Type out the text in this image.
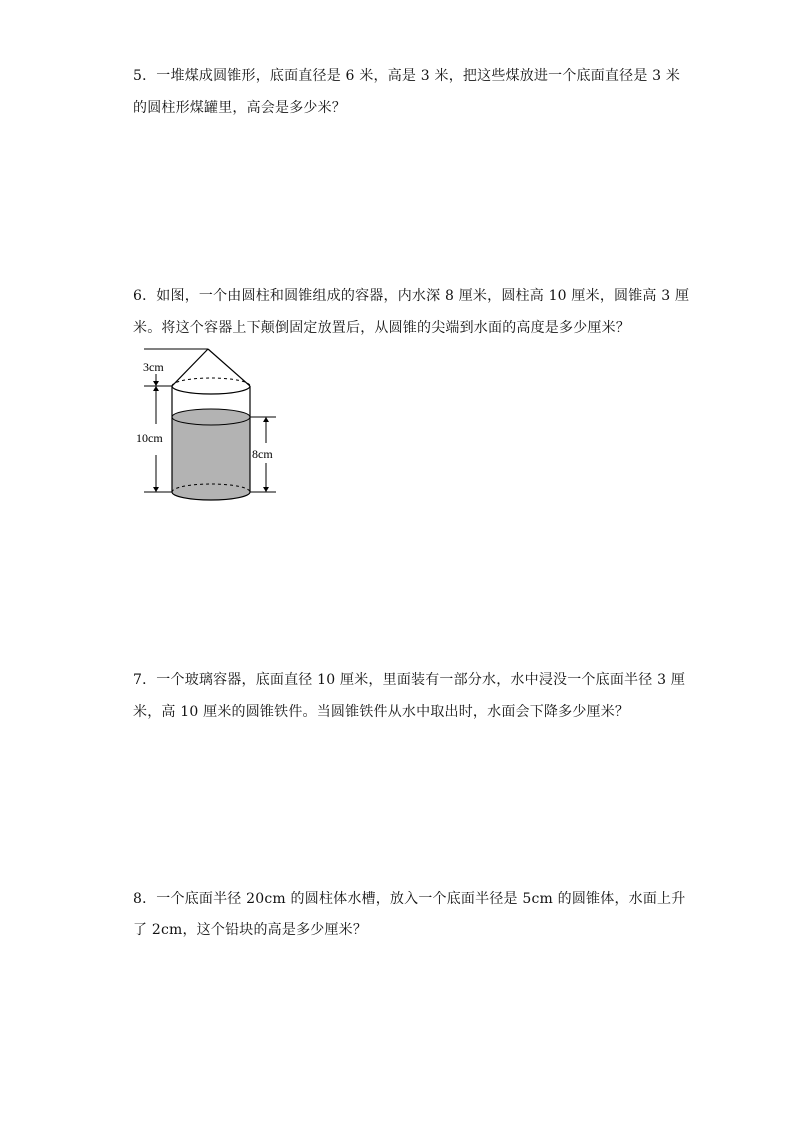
5．一堆煤成圆锥形，底面直径是 6 米，高是 3 米，把这些煤放进一个底面直径是 3 米
的圆柱形煤罐里，高会是多少米？
6．如图，一个由圆柱和圆锥组成的容器，内水深 8 厘米，圆柱高 10 厘米，圆锥高 3 厘
米。将这个容器上下颠倒固定放置后，从圆锥的尖端到水面的高度是多少厘米？
3cm
10cm
8cm
7．一个玻璃容器，底面直径 10 厘米，里面装有一部分水，水中浸没一个底面半径 3 厘
米，高 10 厘米的圆锥铁件。当圆锥铁件从水中取出时，水面会下降多少厘米？
8．一个底面半径 20cm 的圆柱体水槽，放入一个底面半径是 5cm 的圆锥体，水面上升
了 2cm，这个铅块的高是多少厘米？
